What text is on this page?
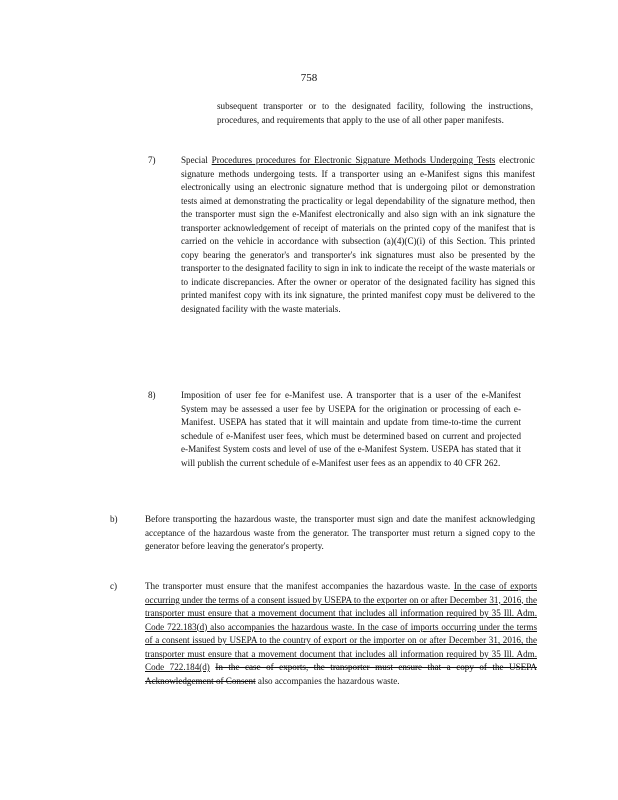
758

subsequent transporter or to the designated facility, following the instructions, procedures, and requirements that apply to the use of all other paper manifests.

7)	Special Procedures procedures for Electronic Signature Methods Undergoing Tests electronic signature methods undergoing tests. If a transporter using an e-Manifest signs this manifest electronically using an electronic signature method that is undergoing pilot or demonstration tests aimed at demonstrating the practicality or legal dependability of the signature method, then the transporter must sign the e-Manifest electronically and also sign with an ink signature the transporter acknowledgement of receipt of materials on the printed copy of the manifest that is carried on the vehicle in accordance with subsection (a)(4)(C)(i) of this Section. This printed copy bearing the generator's and transporter's ink signatures must also be presented by the transporter to the designated facility to sign in ink to indicate the receipt of the waste materials or to indicate discrepancies. After the owner or operator of the designated facility has signed this printed manifest copy with its ink signature, the printed manifest copy must be delivered to the designated facility with the waste materials.

8)	Imposition of user fee for e-Manifest use. A transporter that is a user of the e-Manifest System may be assessed a user fee by USEPA for the origination or processing of each e-Manifest. USEPA has stated that it will maintain and update from time-to-time the current schedule of e-Manifest user fees, which must be determined based on current and projected e-Manifest System costs and level of use of the e-Manifest System. USEPA has stated that it will publish the current schedule of e-Manifest user fees as an appendix to 40 CFR 262.

b)	Before transporting the hazardous waste, the transporter must sign and date the manifest acknowledging acceptance of the hazardous waste from the generator. The transporter must return a signed copy to the generator before leaving the generator's property.

c)	The transporter must ensure that the manifest accompanies the hazardous waste. In the case of exports occurring under the terms of a consent issued by USEPA to the exporter on or after December 31, 2016, the transporter must ensure that a movement document that includes all information required by 35 Ill. Adm. Code 722.183(d) also accompanies the hazardous waste. In the case of imports occurring under the terms of a consent issued by USEPA to the country of export or the importer on or after December 31, 2016, the transporter must ensure that a movement document that includes all information required by 35 Ill. Adm. Code 722.184(d) In the case of exports, the transporter must ensure that a copy of the USEPA Acknowledgement of Consent also accompanies the hazardous waste.
